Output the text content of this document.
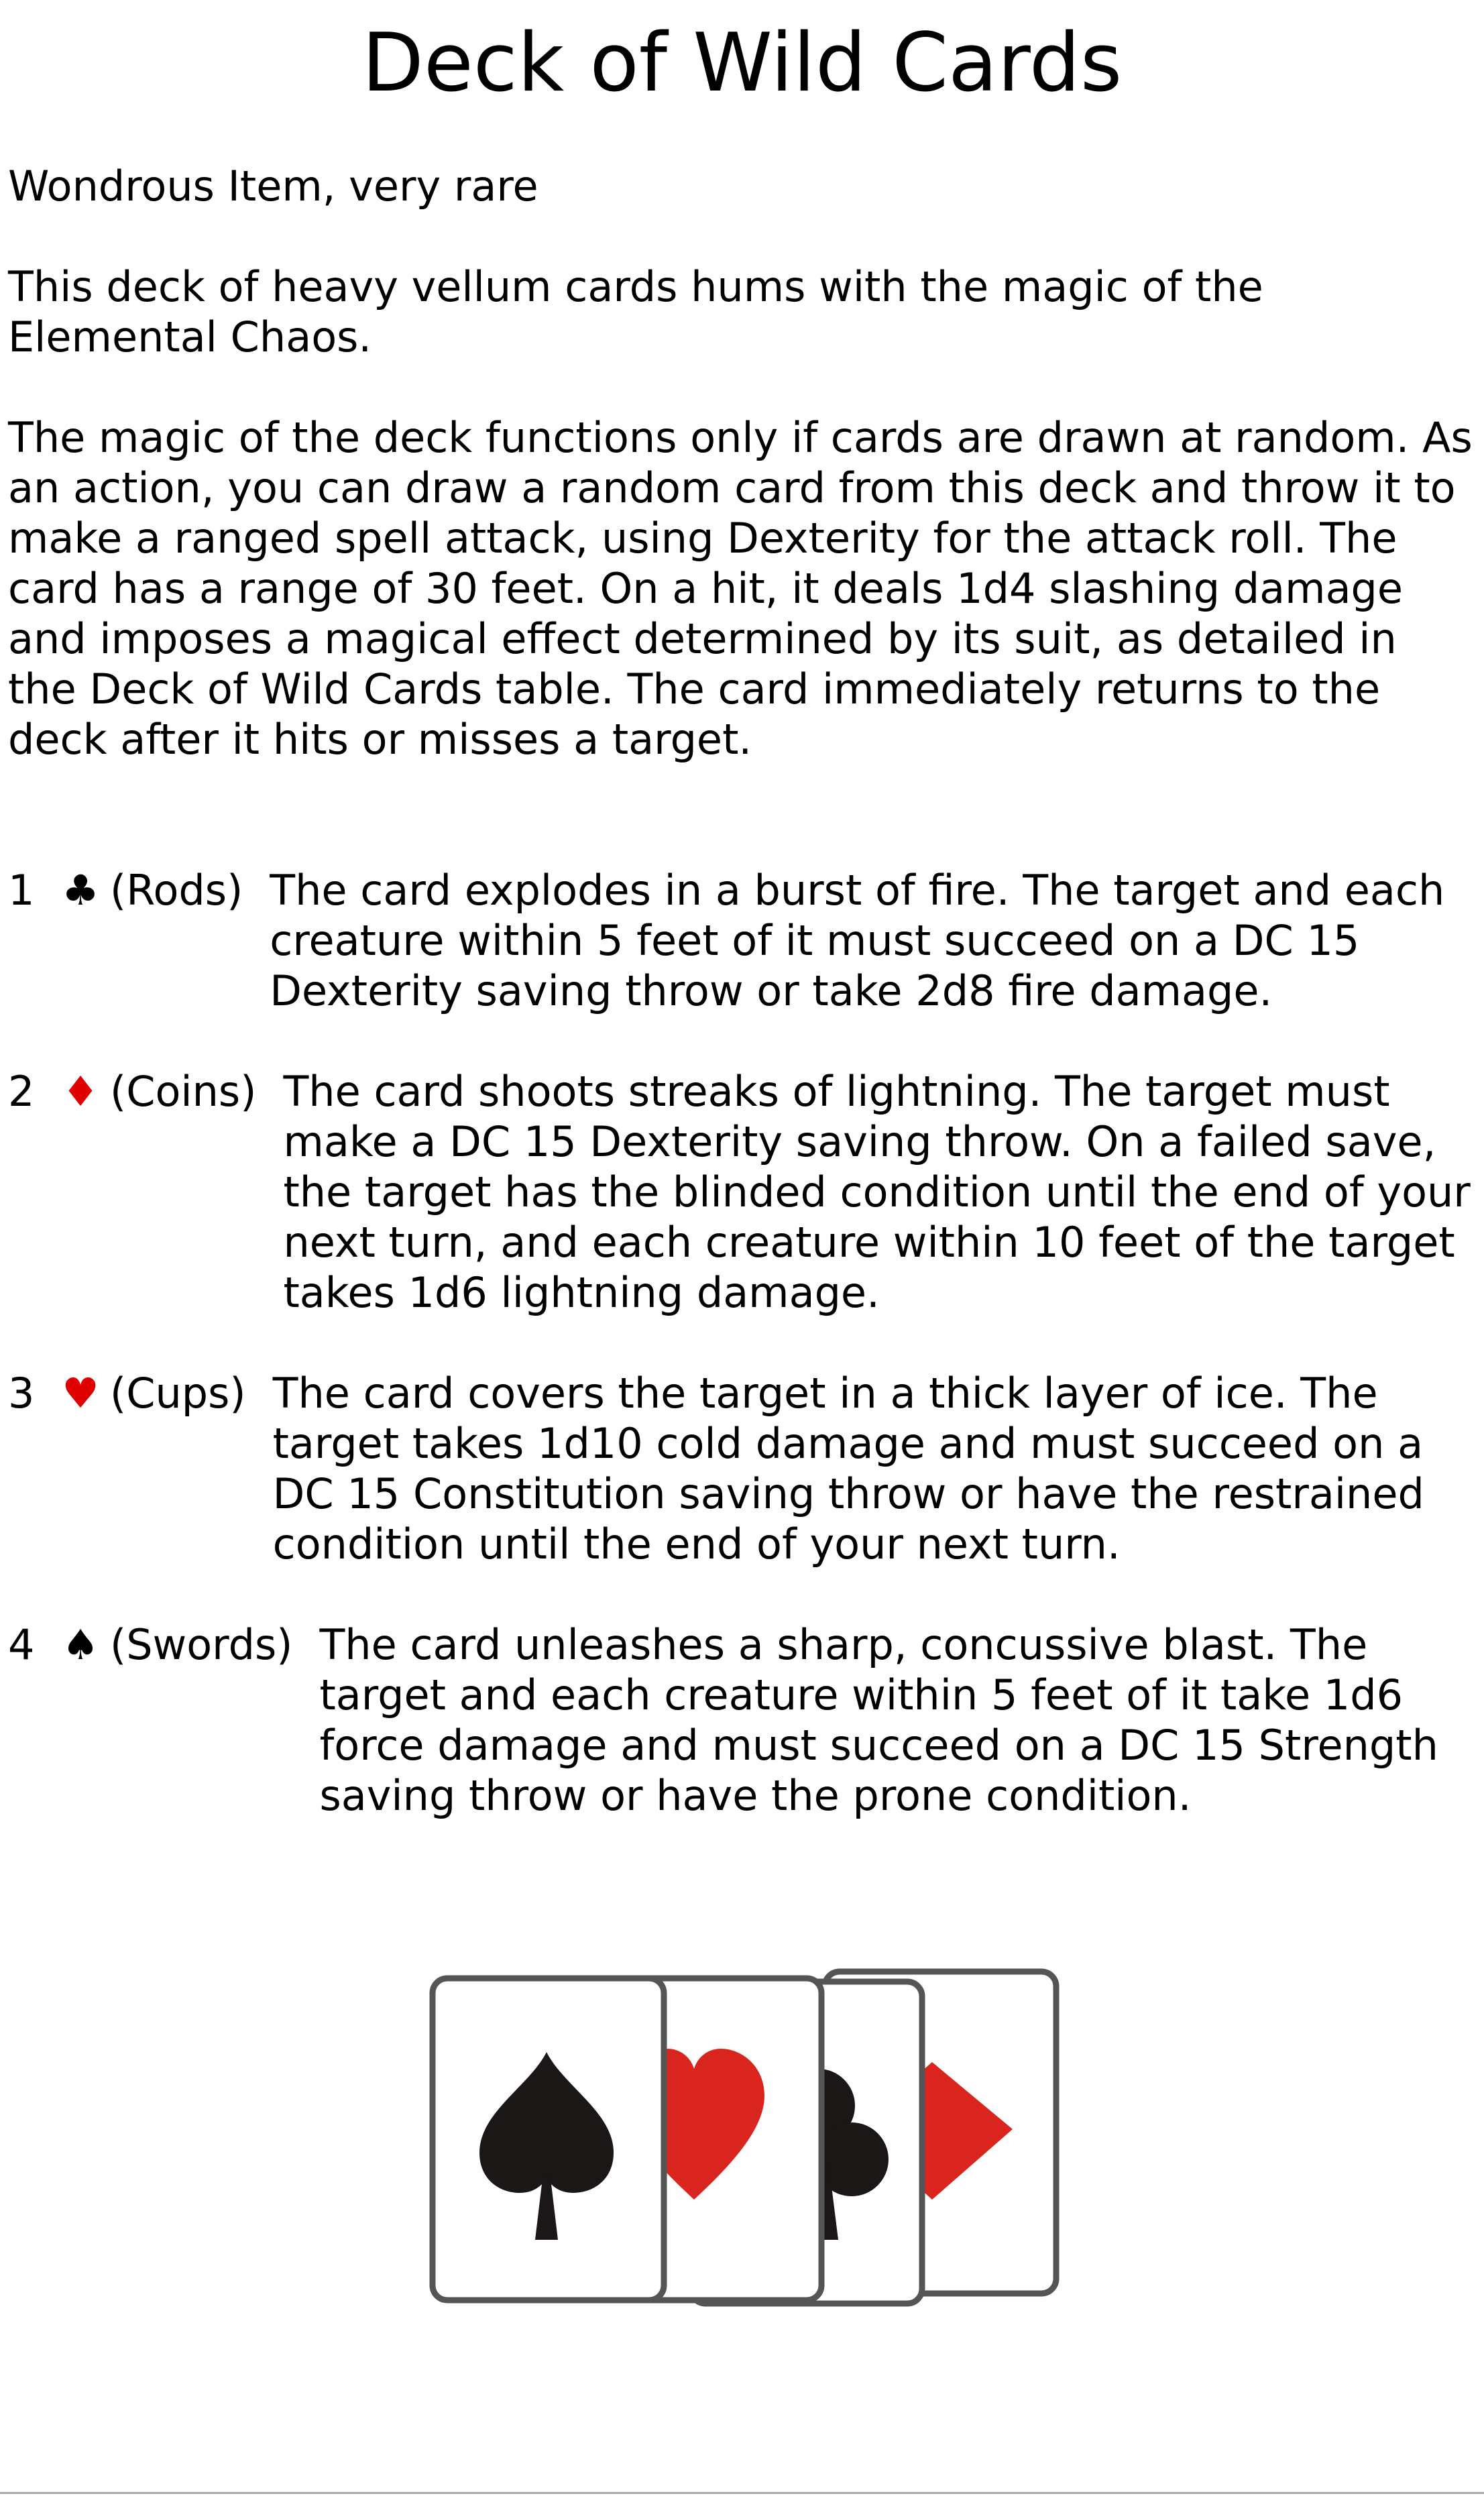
Deck of Wild Cards

Wondrous Item, very rare

This deck of heavy vellum cards hums with the magic of the Elemental Chaos.

The magic of the deck functions only if cards are drawn at random. As an action, you can draw a random card from this deck and throw it to make a ranged spell attack, using Dexterity for the attack roll. The card has a range of 30 feet. On a hit, it deals 1d4 slashing damage and imposes a magical effect determined by its suit, as detailed in the Deck of Wild Cards table. The card immediately returns to the deck after it hits or misses a target.

1 ♣ (Rods) The card explodes in a burst of fire. The target and each creature within 5 feet of it must succeed on a DC 15 Dexterity saving throw or take 2d8 fire damage.
2 ♦ (Coins) The card shoots streaks of lightning. The target must make a DC 15 Dexterity saving throw. On a failed save, the target has the blinded condition until the end of your next turn, and each creature within 10 feet of the target takes 1d6 lightning damage.
3 ♥ (Cups) The card covers the target in a thick layer of ice. The target takes 1d10 cold damage and must succeed on a DC 15 Constitution saving throw or have the restrained condition until the end of your next turn.
4 ♠ (Swords) The card unleashes a sharp, concussive blast. The target and each creature within 5 feet of it take 1d6 force damage and must succeed on a DC 15 Strength saving throw or have the prone condition.
